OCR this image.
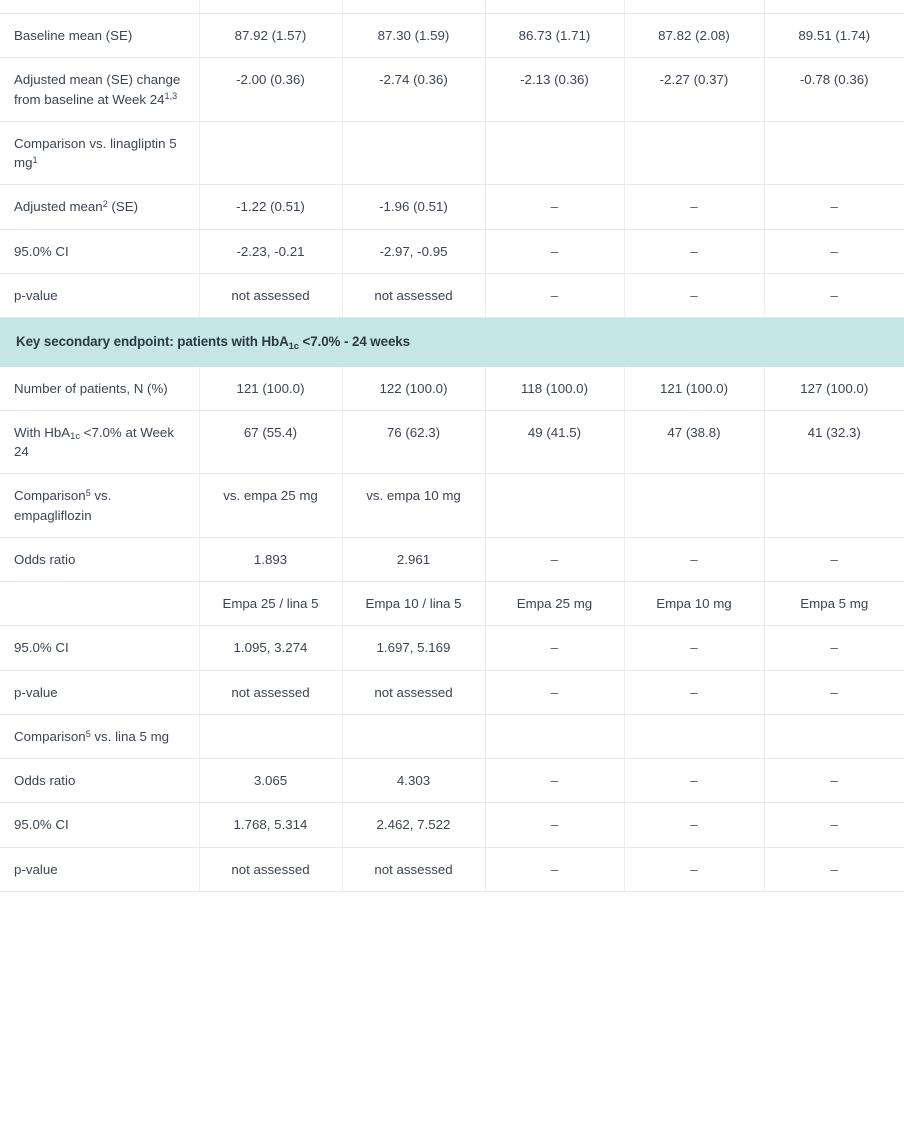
Baseline mean (SE)	87.92 (1.57)	87.30 (1.59)	86.73 (1.71)	87.82 (2.08)	89.51 (1.74)
Adjusted mean (SE) change from baseline at Week 24$^{1,3}$	-2.00 (0.36)	-2.74 (0.36)	-2.13 (0.36)	-2.27 (0.37)	-0.78 (0.36)
Comparison vs. linagliptin 5 $mg^1$					
Adjusted mean$^2$ (SE)	-1.22 (0.51)	-1.96 (0.51)	–	–	–
95.0% CI	-2.23, -0.21	-2.97, -0.95	–	–	–
p-value	not assessed	not assessed	–	–	–
Key secondary endpoint: patients with HbA$_{1c}$ <7.0% - 24 weeks					
Number of patients, N (%)	121 (100.0)	122 (100.0)	118 (100.0)	121 (100.0)	127 (100.0)
With HbA$_{1c}$ <7.0% at Week 24	67 (55.4)	76 (62.3)	49 (41.5)	47 (38.8)	41 (32.3)
Comparison$^5$ vs. empagliflozin	vs. empa 25 mg	vs. empa 10 mg			
Odds ratio	1.893	2.961	–	–	–
	Empa 25 / lina 5	Empa 10 / lina 5	Empa 25 mg	Empa 10 mg	Empa 5 mg
95.0% CI	1.095, 3.274	1.697, 5.169	–	–	–
p-value	not assessed	not assessed	–	–	–
Comparison$^5$ vs. lina 5 mg					
Odds ratio	3.065	4.303	–	–	–
95.0% CI	1.768, 5.314	2.462, 7.522	–	–	–
p-value	not assessed	not assessed	–	–	–
